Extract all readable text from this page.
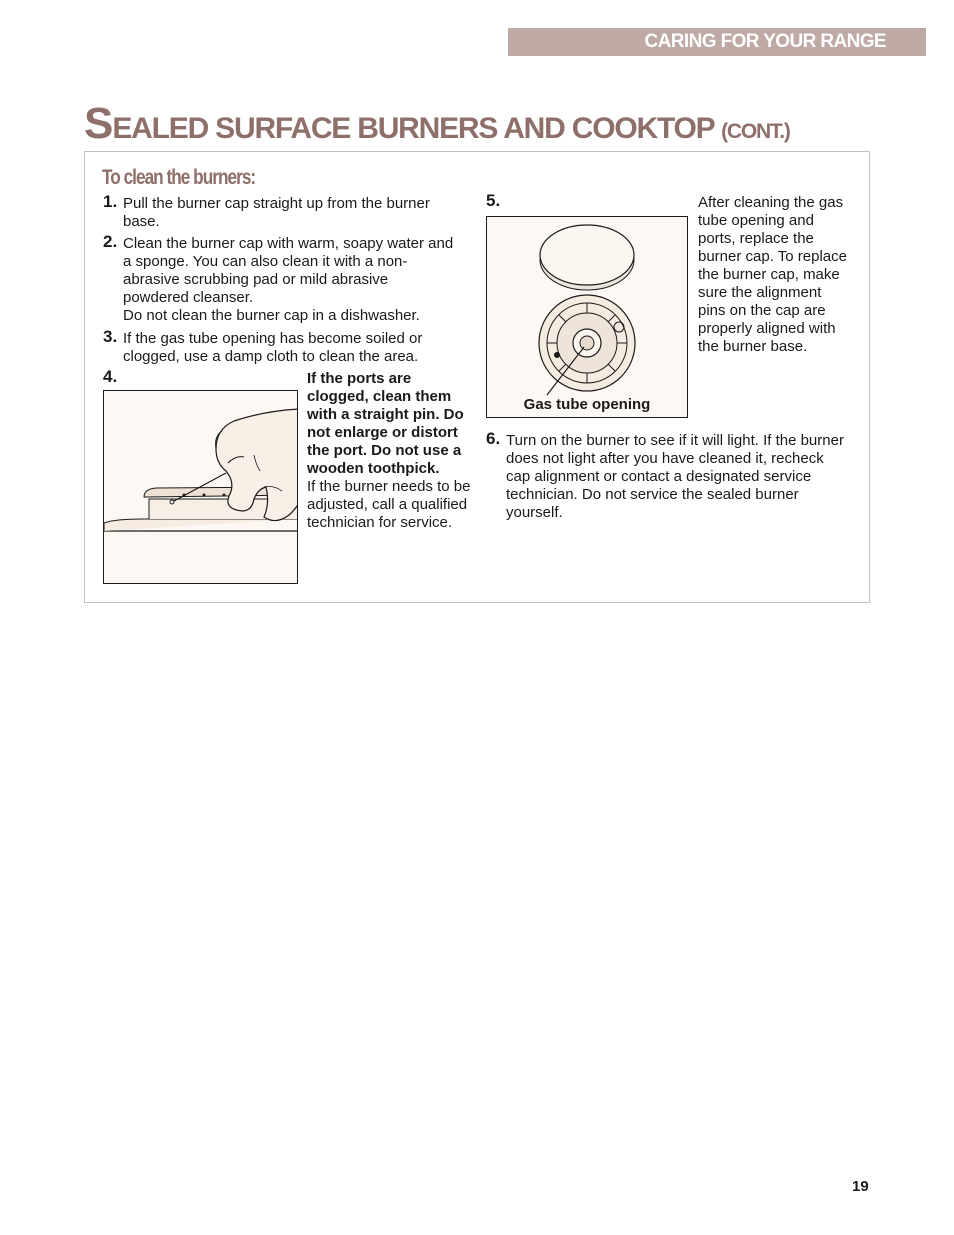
CARING FOR YOUR RANGE
SEALED SURFACE BURNERS AND COOKTOP (CONT.)
To clean the burners:
1. Pull the burner cap straight up from the burner base.

2. Clean the burner cap with warm, soapy water and a sponge. You can also clean it with a non-abrasive scrubbing pad or mild abrasive powdered cleanser.

Do not clean the burner cap in a dishwasher.

3. If the gas tube opening has become soiled or clogged, use a damp cloth to clean the area.

4.	If the ports are clogged, clean them with a straight pin. Do not enlarge or distort the port. Do not use a wooden toothpick.

If the burner needs to be adjusted, call a qualified technician for service.

5.	After cleaning the gas tube opening and ports, replace the burner cap. To replace the burner cap, make sure the alignment pins on the cap are properly aligned with the burner base.

Gas tube opening
6. Turn on the burner to see if it will light. If the burner does not light after you have cleaned it, recheck cap alignment or contact a designated service technician. Do not service the sealed burner yourself.

19
